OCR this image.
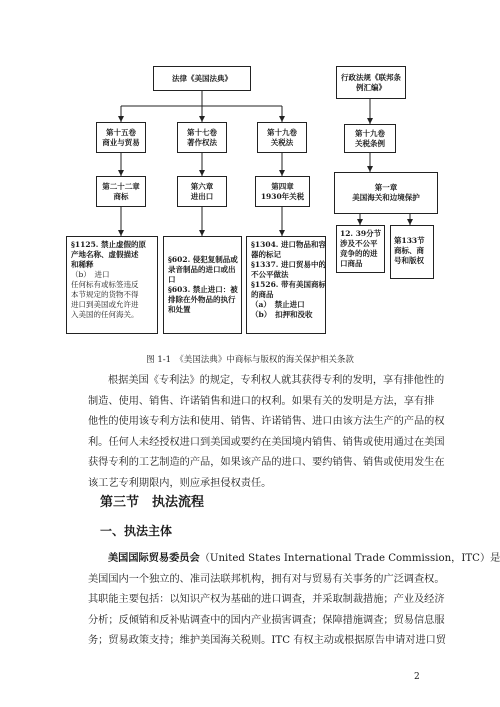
法律《美国法典》	行政法规《联邦条
例汇编》
第十五卷
商业与贸易
第十七卷
著作权法
第十九卷
关税法
第十九卷
关税条例
第二十二章
商标
第六章
进出口
第四章
1930年关税
第一章
美国海关和边境保护
§1125. 禁止虚假的原
产地名称、虚假描述
和稀释
（b）　进口
任何标有或标签违反
本节规定的货物不得
进口到美国或允许进
入美国的任何海关。
§602. 侵犯复制品或
录音制品的进口或出
口
§603. 禁止进口：被
排除在外物品的执行
和处置
§1304. 进口物品和容
器的标记
§1337. 进口贸易中的
不公平做法
§1526. 带有美国商标
的商品
（a）　禁止进口
（b）　扣押和没收
12. 39分节
涉及不公平
竞争的的进
口商品
第133节
商标、商
号和版权
图 1-1　《美国法典》中商标与版权的海关保护相关条款
根据美国《专利法》的规定，专利权人就其获得专利的发明，享有排他性的
制造、使用、销售、许诺销售和进口的权利。如果有关的发明是方法，享有排
他性的使用该专利方法和使用、销售、许诺销售、进口由该方法生产的产品的权
利。任何人未经授权进口到美国或要约在美国境内销售、销售或使用通过在美国
获得专利的工艺制造的产品，如果该产品的进口、要约销售、销售或使用发生在
该工艺专利期限内，则应承担侵权责任。
第三节　执法流程
一、执法主体
美国国际贸易委员会（United States International Trade Commission，ITC）是
美国国内一个独立的、准司法联邦机构，拥有对与贸易有关事务的广泛调查权。
其职能主要包括：以知识产权为基础的进口调查，并采取制裁措施；产业及经济
分析；反倾销和反补贴调查中的国内产业损害调查；保障措施调查；贸易信息服
务；贸易政策支持；维护美国海关税则。ITC 有权主动或根据原告申请对进口贸
2
